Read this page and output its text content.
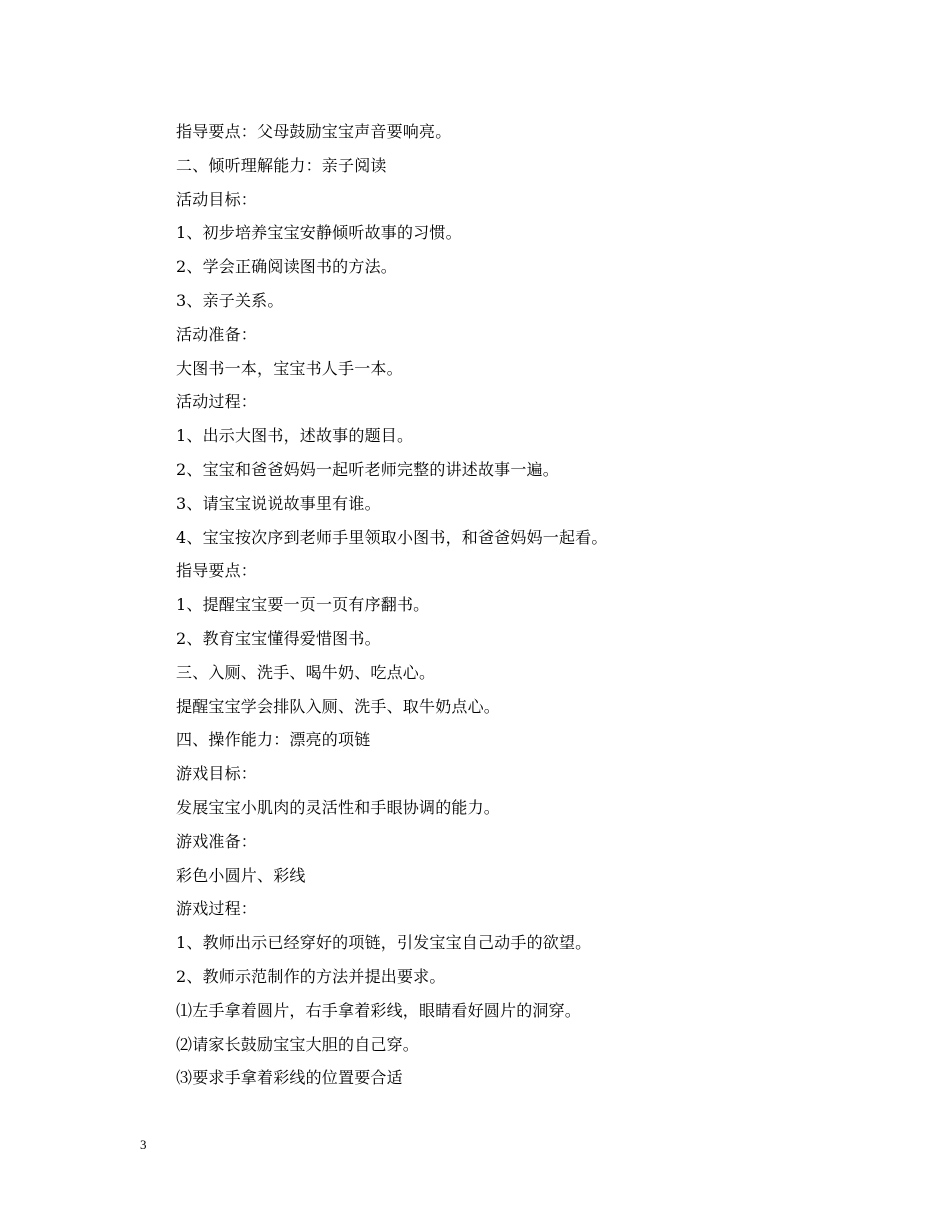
指导要点：父母鼓励宝宝声音要响亮。
二、倾听理解能力：亲子阅读
活动目标：
1、初步培养宝宝安静倾听故事的习惯。
2、学会正确阅读图书的方法。
3、亲子关系。
活动准备：
大图书一本，宝宝书人手一本。
活动过程：
1、出示大图书，述故事的题目。
2、宝宝和爸爸妈妈一起听老师完整的讲述故事一遍。
3、请宝宝说说故事里有谁。
4、宝宝按次序到老师手里领取小图书，和爸爸妈妈一起看。
指导要点：
1、提醒宝宝要一页一页有序翻书。
2、教育宝宝懂得爱惜图书。
三、入厕、洗手、喝牛奶、吃点心。
提醒宝宝学会排队入厕、洗手、取牛奶点心。
四、操作能力：漂亮的项链
游戏目标：
发展宝宝小肌肉的灵活性和手眼协调的能力。
游戏准备：
彩色小圆片、彩线
游戏过程：
1、教师出示已经穿好的项链，引发宝宝自己动手的欲望。
2、教师示范制作的方法并提出要求。
⑴左手拿着圆片，右手拿着彩线，眼睛看好圆片的洞穿。
⑵请家长鼓励宝宝大胆的自己穿。
⑶要求手拿着彩线的位置要合适
3
